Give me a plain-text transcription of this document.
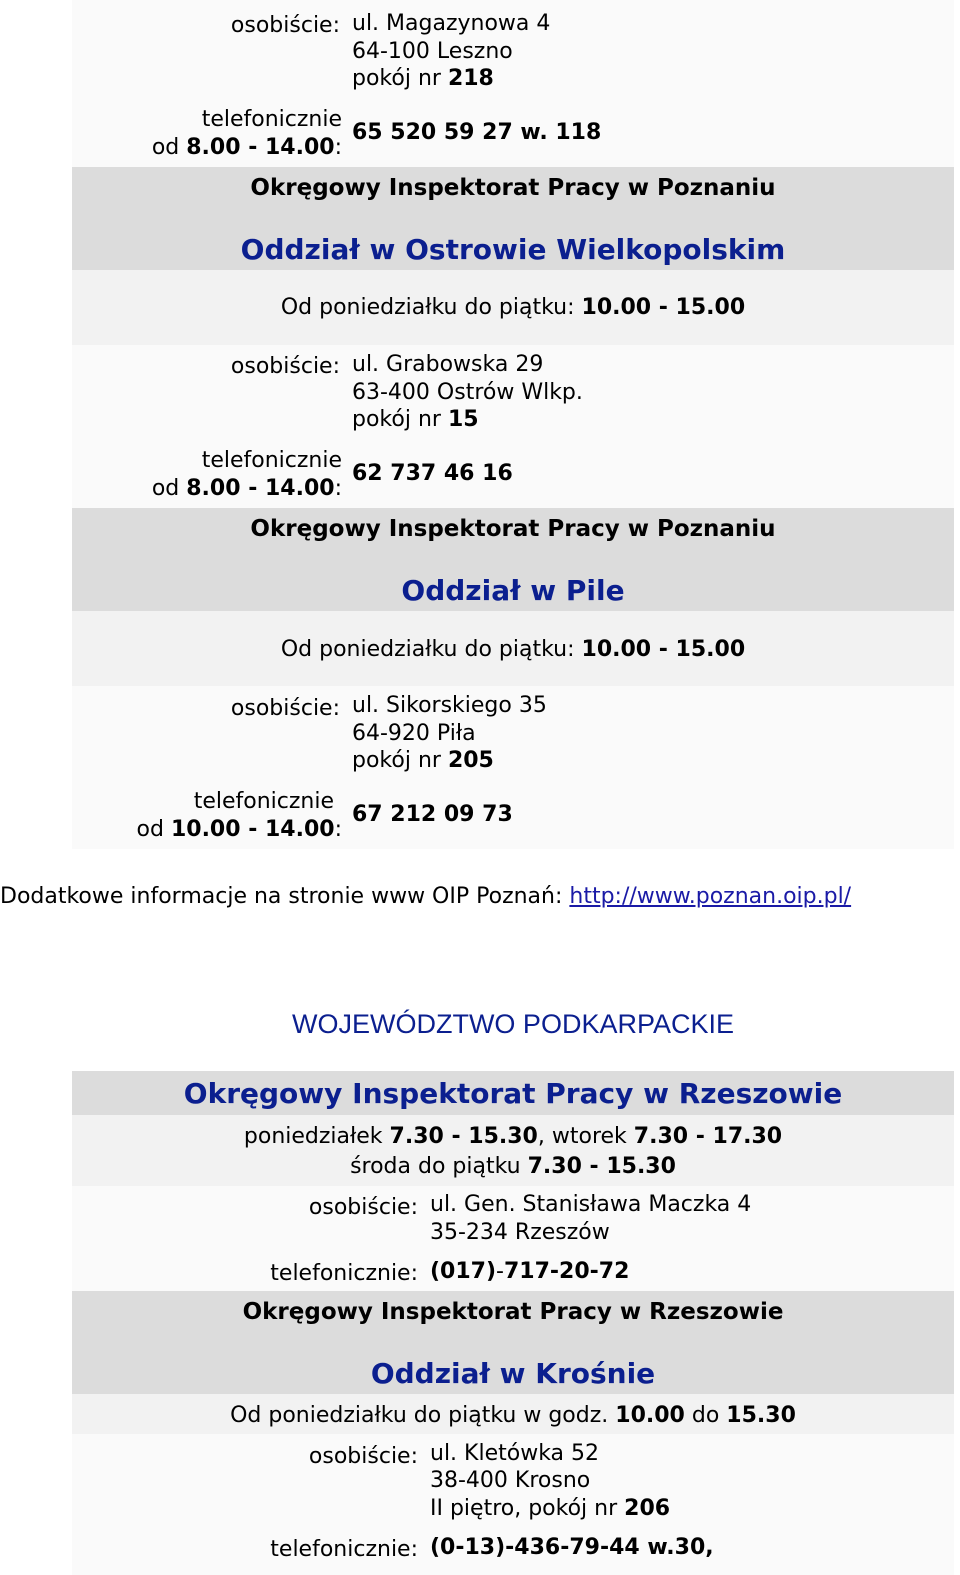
osobiście: ul. Magazynowa 4
64-100 Leszno
pokój nr 218
telefonicznie
od 8.00 - 14.00:
65 520 59 27 w. 118
Okręgowy Inspektorat Pracy w Poznaniu
Oddział w Ostrowie Wielkopolskim
Od poniedziałku do piątku: 10.00 - 15.00
osobiście: ul. Grabowska 29
63-400 Ostrów Wlkp.
pokój nr 15
telefonicznie
od 8.00 - 14.00:
62 737 46 16
Okręgowy Inspektorat Pracy w Poznaniu
Oddział w Pile
Od poniedziałku do piątku: 10.00 - 15.00
osobiście: ul. Sikorskiego 35
64-920 Piła
pokój nr 205
telefonicznie
od 10.00 - 14.00:
67 212 09 73
Dodatkowe informacje na stronie www OIP Poznań: http://www.poznan.oip.pl/
WOJEWÓDZTWO PODKARPACKIE
Okręgowy Inspektorat Pracy w Rzeszowie
poniedziałek 7.30 - 15.30, wtorek 7.30 - 17.30
środa do piątku 7.30 - 15.30
osobiście: ul. Gen. Stanisława Maczka 4
35-234 Rzeszów
telefonicznie: (017)-717-20-72
Okręgowy Inspektorat Pracy w Rzeszowie
Oddział w Krośnie
Od poniedziałku do piątku w godz. 10.00 do 15.30
osobiście: ul. Kletówka 52
38-400 Krosno
II piętro, pokój nr 206
telefonicznie: (0-13)-436-79-44 w.30,
